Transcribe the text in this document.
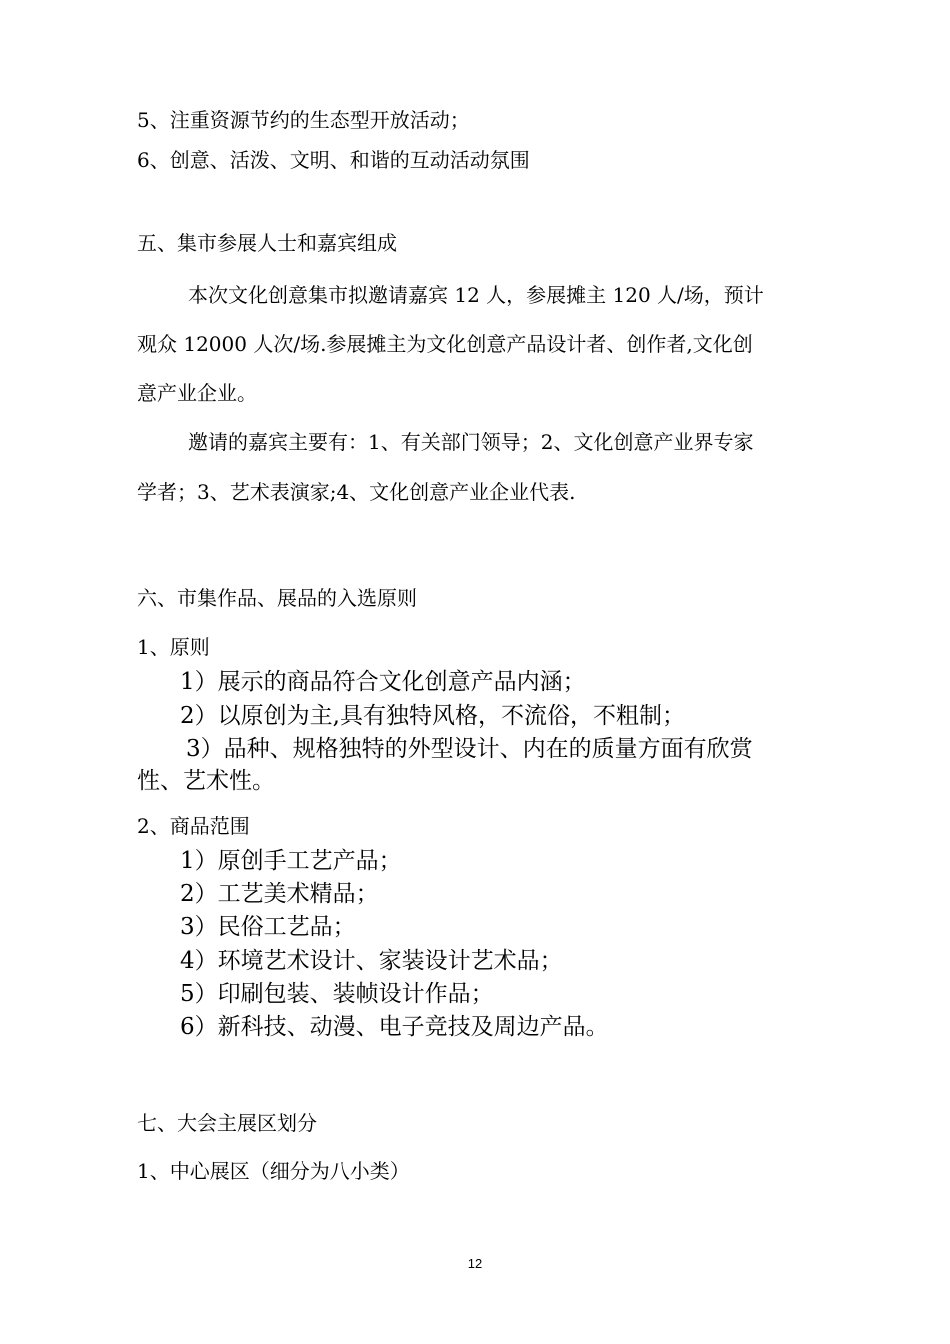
5、注重资源节约的生态型开放活动；
6、创意、活泼、文明、和谐的互动活动氛围
五、集市参展人士和嘉宾组成
本次文化创意集市拟邀请嘉宾 12 人，参展摊主 120 人/场，预计
观众 12000 人次/场.参展摊主为文化创意产品设计者、创作者,文化创
意产业企业。
邀请的嘉宾主要有：1、有关部门领导；2、文化创意产业界专家
学者；3、艺术表演家;4、文化创意产业企业代表.
六、市集作品、展品的入选原则
1、原则
1）展示的商品符合文化创意产品内涵；
2）以原创为主,具有独特风格，不流俗，不粗制；
3）品种、规格独特的外型设计、内在的质量方面有欣赏
性、艺术性。
2、商品范围
1）原创手工艺产品；
2）工艺美术精品；
3）民俗工艺品；
4）环境艺术设计、家装设计艺术品；
5）印刷包装、装帧设计作品；
6）新科技、动漫、电子竞技及周边产品。
七、大会主展区划分
1、中心展区（细分为八小类）
12
